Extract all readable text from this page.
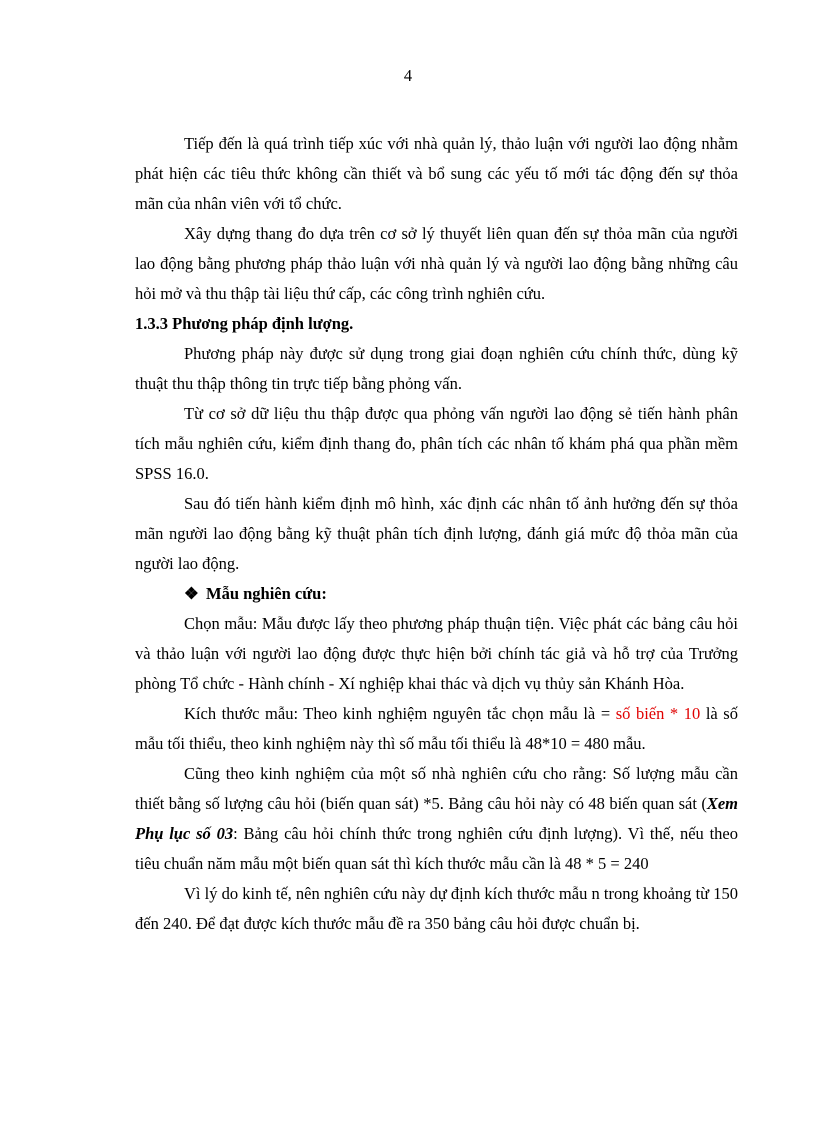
4

Tiếp đến là quá trình tiếp xúc với nhà quản lý, thảo luận với người lao động nhằm phát hiện các tiêu thức không cần thiết và bổ sung các yếu tố mới tác động đến sự thỏa mãn của nhân viên với tổ chức.

Xây dựng thang đo dựa trên cơ sở lý thuyết liên quan đến sự thỏa mãn của người lao động bằng phương pháp thảo luận với nhà quản lý và người lao động bằng những câu hỏi mở và thu thập tài liệu thứ cấp, các công trình nghiên cứu.

1.3.3 Phương pháp định lượng.

Phương pháp này được sử dụng trong giai đoạn nghiên cứu chính thức, dùng kỹ thuật thu thập thông tin trực tiếp bằng phỏng vấn.

Từ cơ sở dữ liệu thu thập được qua phỏng vấn người lao động sẻ tiến hành phân tích mẫu nghiên cứu, kiểm định thang đo, phân tích các nhân tố khám phá qua phần mềm SPSS 16.0.

Sau đó tiến hành kiểm định mô hình, xác định các nhân tố ảnh hưởng đến sự thỏa mãn người lao động bằng kỹ thuật phân tích định lượng, đánh giá mức độ thỏa mãn của người lao động.

❖ Mẫu nghiên cứu:

Chọn mẫu: Mẫu được lấy theo phương pháp thuận tiện. Việc phát các bảng câu hỏi và thảo luận với người lao động được thực hiện bởi chính tác giả và hỗ trợ của Trưởng phòng Tổ chức - Hành chính - Xí nghiệp khai thác và dịch vụ thủy sản Khánh Hòa.

Kích thước mẫu: Theo kinh nghiệm nguyên tắc chọn mẫu là = số biến * 10 là số mẫu tối thiểu, theo kinh nghiệm này thì số mẫu tối thiểu là 48*10 = 480 mẫu.

Cũng theo kinh nghiệm của một số nhà nghiên cứu cho rằng: Số lượng mẫu cần thiết bằng số lượng câu hỏi (biến quan sát) *5. Bảng câu hỏi này có 48 biến quan sát (Xem Phụ lục số 03: Bảng câu hỏi chính thức trong nghiên cứu định lượng). Vì thế, nếu theo tiêu chuẩn năm mẫu một biến quan sát thì kích thước mẫu cần là 48 * 5 = 240

Vì lý do kinh tế, nên nghiên cứu này dự định kích thước mẫu n trong khoảng từ 150 đến 240. Để đạt được kích thước mẫu đề ra 350 bảng câu hỏi được chuẩn bị.
